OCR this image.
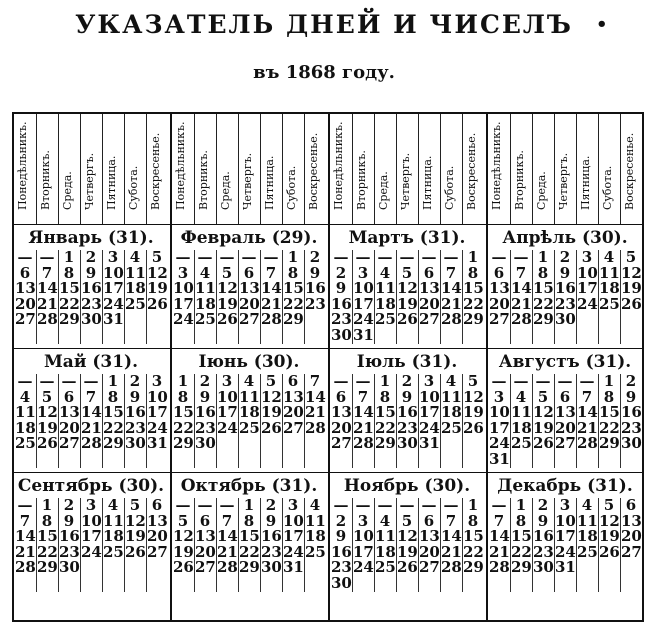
УКАЗАТЕЛЬ ДНЕЙ И ЧИСЕЛЪ	•
въ 1868 году.
Понедѣльникъ. Вторникъ. Среда. Четвергъ. Пятница. Субота. Воскресенье. Понедѣльникъ. Вторникъ. Среда. Четвергъ. Пятница. Субота. Воскресенье. Понедѣльникъ. Вторникъ. Среда. Четвергъ. Пятница. Субота. Воскресенье. Понедѣльникъ. Вторникъ. Среда. Четвергъ. Пятница. Субота. Воскресенье.
Январь (31).
— — 1 2 3 4 5
6 7 8 9 10 11 12
13 14 15 16 17 18 19
20 21 22 23 24 25 26
27 28 29 30 31
Февраль (29).
— — — — — 1 2
3 4 5 6 7 8 9
10 11 12 13 14 15 16
17 18 19 20 21 22 23
24 25 26 27 28 29
Мартъ (31).
— — — — — — 1
2 3 4 5 6 7 8
9 10 11 12 13 14 15
16 17 18 19 20 21 22
23 24 25 26 27 28 29
30 31
Апрѣль (30).
— — 1 2 3 4 5
6 7 8 9 10 11 12
13 14 15 16 17 18 19
20 21 22 23 24 25 26
27 28 29 30
Май (31).
— — — — 1 2 3
4 5 6 7 8 9 10
11 12 13 14 15 16 17
18 19 20 21 22 23 24
25 26 27 28 29 30 31
Іюнь (30).
1 2 3 4 5 6 7
8 9 10 11 12 13 14
15 16 17 18 19 20 21
22 23 24 25 26 27 28
29 30
Іюль (31).
— — 1 2 3 4 5
6 7 8 9 10 11 12
13 14 15 16 17 18 19
20 21 22 23 24 25 26
27 28 29 30 31
Августъ (31).
— — — — — 1 2
3 4 5 6 7 8 9
10 11 12 13 14 15 16
17 18 19 20 21 22 23
24 25 26 27 28 29 30
31
Сентябрь (30).
— 1 2 3 4 5 6
7 8 9 10 11 12 13
14 15 16 17 18 19 20
21 22 23 24 25 26 27
28 29 30
Октябрь (31).
— — — 1 2 3 4
5 6 7 8 9 10 11
12 13 14 15 16 17 18
19 20 21 22 23 24 25
26 27 28 29 30 31
Ноябрь (30).
— — — — — — 1
2 3 4 5 6 7 8
9 10 11 12 13 14 15
16 17 18 19 20 21 22
23 24 25 26 27 28 29
30
Декабрь (31).
— 1 2 3 4 5 6
7 8 9 10 11 12 13
14 15 16 17 18 19 20
21 22 23 24 25 26 27
28 29 30 31
